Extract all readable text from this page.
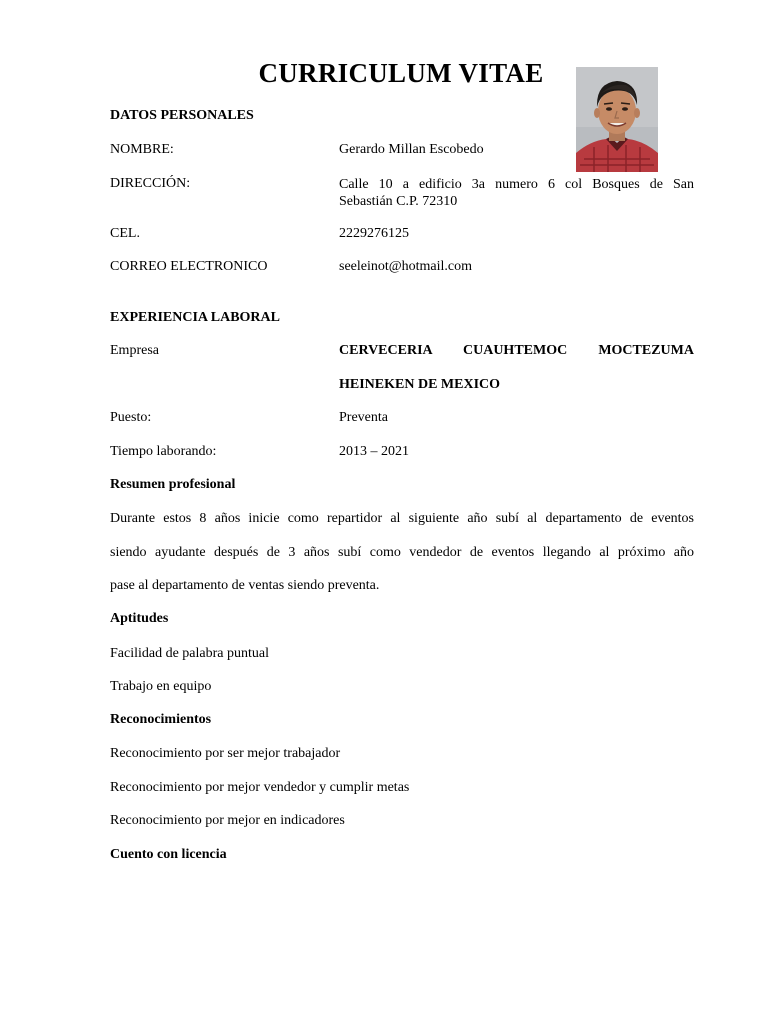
CURRICULUM VITAE
DATOS PERSONALES
NOMBRE:	Gerardo Millan Escobedo
DIRECCIÓN:	Calle 10 a edificio 3a numero 6 col Bosques de San
Sebastián C.P. 72310
CEL.	2229276125
CORREO ELECTRONICO	seeleinot@hotmail.com
EXPERIENCIA LABORAL
Empresa	CERVECERIA CUAUHTEMOC MOCTEZUMA
HEINEKEN DE MEXICO
Puesto:	Preventa
Tiempo laborando:	2013 – 2021
Resumen profesional
Durante estos 8 años inicie como repartidor al siguiente año subí al departamento de eventos
siendo ayudante después de 3 años subí como vendedor de eventos llegando al próximo año
pase al departamento de ventas siendo preventa.
Aptitudes
Facilidad de palabra puntual
Trabajo en equipo
Reconocimientos
Reconocimiento por ser mejor trabajador
Reconocimiento por mejor vendedor y cumplir metas
Reconocimiento por mejor en indicadores
Cuento con licencia
